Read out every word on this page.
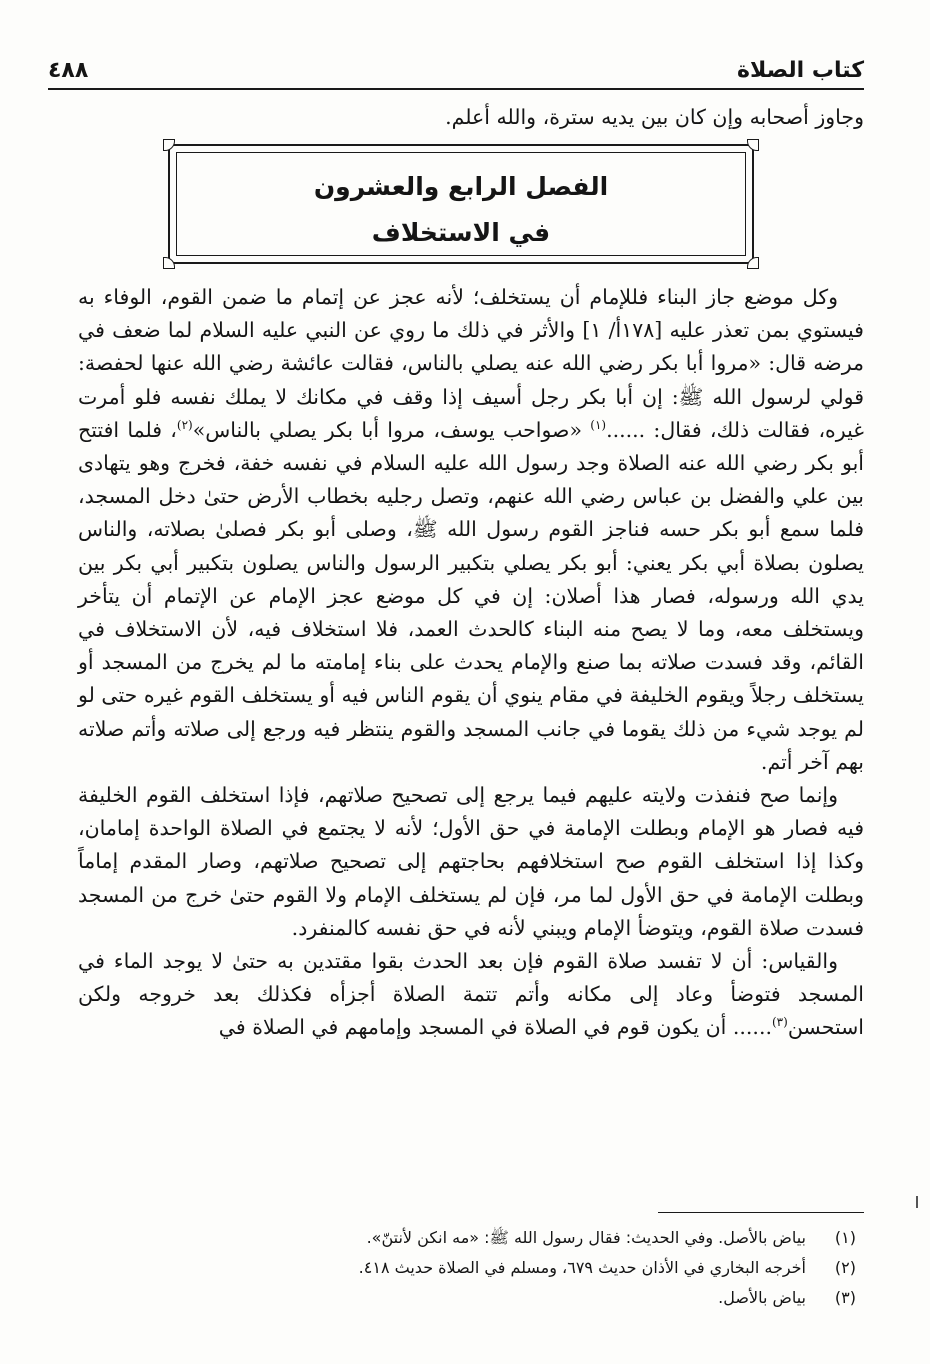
كتاب الصلاة
٤٨٨
وجاوز أصحابه وإن كان بين يديه سترة، والله أعلم.
الفصل الرابع والعشرون
في الاستخلاف

وكل موضع جاز البناء فللإمام أن يستخلف؛ لأنه عجز عن إتمام ما ضمن القوم، الوفاء به فيستوي بمن تعذر عليه [١٧٨أ/ ١] والأثر في ذلك ما روي عن النبي عليه السلام لما ضعف في مرضه قال: «مروا أبا بكر رضي الله عنه يصلي بالناس، فقالت عائشة رضي الله عنها لحفصة: قولي لرسول الله ﷺ: إن أبا بكر رجل أسيف إذا وقف في مكانك لا يملك نفسه فلو أمرت غيره، فقالت ذلك، فقال: ......$^{(١)}$ «صواحب يوسف، مروا أبا بكر يصلي بالناس»$^{(٢)}$، فلما افتتح أبو بكر رضي الله عنه الصلاة وجد رسول الله عليه السلام في نفسه خفة، فخرج وهو يتهادى بين علي والفضل بن عباس رضي الله عنهم، وتصل رجليه بخطاب الأرض حتىٰ دخل المسجد، فلما سمع أبو بكر حسه فناجز القوم رسول الله ﷺ، وصلى أبو بكر فصلىٰ بصلاته، والناس يصلون بصلاة أبي بكر يعني: أبو بكر يصلي بتكبير الرسول والناس يصلون بتكبير أبي بكر بين يدي الله ورسوله، فصار هذا أصلان: إن في كل موضع عجز الإمام عن الإتمام أن يتأخر ويستخلف معه، وما لا يصح منه البناء كالحدث العمد، فلا استخلاف فيه، لأن الاستخلاف في القائم، وقد فسدت صلاته بما صنع والإمام يحدث على بناء إمامته ما لم يخرج من المسجد أو يستخلف رجلاً ويقوم الخليفة في مقام ينوي أن يقوم الناس فيه أو يستخلف القوم غيره حتى لو لم يوجد شيء من ذلك يقوما في جانب المسجد والقوم ينتظر فيه ورجع إلى صلاته وأتم صلاته بهم آخر أتم.

وإنما صح فنفذت ولايته عليهم فيما يرجع إلى تصحيح صلاتهم، فإذا استخلف القوم الخليفة فيه فصار هو الإمام وبطلت الإمامة في حق الأول؛ لأنه لا يجتمع في الصلاة الواحدة إمامان، وكذا إذا استخلف القوم صح استخلافهم بحاجتهم إلى تصحيح صلاتهم، وصار المقدم إماماً وبطلت الإمامة في حق الأول لما مر، فإن لم يستخلف الإمام ولا القوم حتىٰ خرج من المسجد فسدت صلاة القوم، ويتوضأ الإمام ويبني لأنه في حق نفسه كالمنفرد.

والقياس: أن لا تفسد صلاة القوم فإن بعد الحدث بقوا مقتدين به حتىٰ لا يوجد الماء في المسجد فتوضأ وعاد إلى مكانه وأتم تتمة الصلاة أجزأه فكذلك بعد خروجه ولكن استحسن$^{(٣)}$...... أن يكون قوم في الصلاة في المسجد وإمامهم في الصلاة في

(١)
بياض بالأصل. وفي الحديث: فقال رسول الله ﷺ: «مه انكن لأنتنّ».
(٢)
أخرجه البخاري في الأذان حديث ٦٧٩، ومسلم في الصلاة حديث ٤١٨.
(٣)
بياض بالأصل.
